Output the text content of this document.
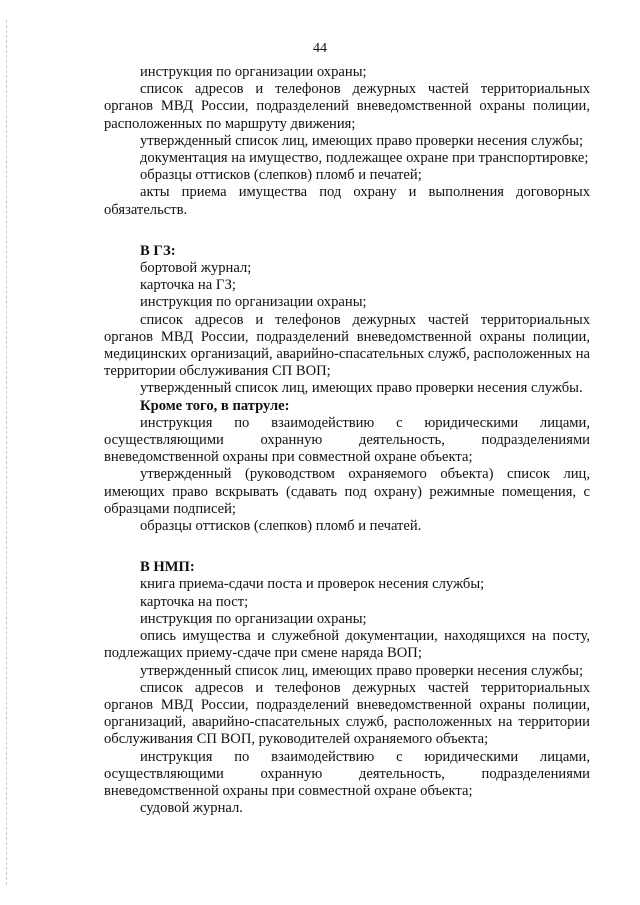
44

инструкция по организации охраны;

список адресов и телефонов дежурных частей территориальных органов МВД России, подразделений вневедомственной охраны полиции, расположенных по маршруту движения;

утвержденный список лиц, имеющих право проверки несения службы;

документация на имущество, подлежащее охране при транспортировке;

образцы оттисков (слепков) пломб и печатей;

акты приема имущества под охрану и выполнения договорных обязательств.

В ГЗ:

бортовой журнал;

карточка на ГЗ;

инструкция по организации охраны;

список адресов и телефонов дежурных частей территориальных органов МВД России, подразделений вневедомственной охраны полиции, медицинских организаций, аварийно-спасательных служб, расположенных на территории обслуживания СП ВОП;

утвержденный список лиц, имеющих право проверки несения службы.

Кроме того, в патруле:

инструкция по взаимодействию с юридическими лицами, осуществляющими охранную деятельность, подразделениями вневедомственной охраны при совместной охране объекта;

утвержденный (руководством охраняемого объекта) список лиц, имеющих право вскрывать (сдавать под охрану) режимные помещения, с образцами подписей;

образцы оттисков (слепков) пломб и печатей.

В НМП:

книга приема-сдачи поста и проверок несения службы;

карточка на пост;

инструкция по организации охраны;

опись имущества и служебной документации, находящихся на посту, подлежащих приему-сдаче при смене наряда ВОП;

утвержденный список лиц, имеющих право проверки несения службы;

список адресов и телефонов дежурных частей территориальных органов МВД России, подразделений вневедомственной охраны полиции, организаций, аварийно-спасательных служб, расположенных на территории обслуживания СП ВОП, руководителей охраняемого объекта;

инструкция по взаимодействию с юридическими лицами, осуществляющими охранную деятельность, подразделениями вневедомственной охраны при совместной охране объекта;

судовой журнал.
